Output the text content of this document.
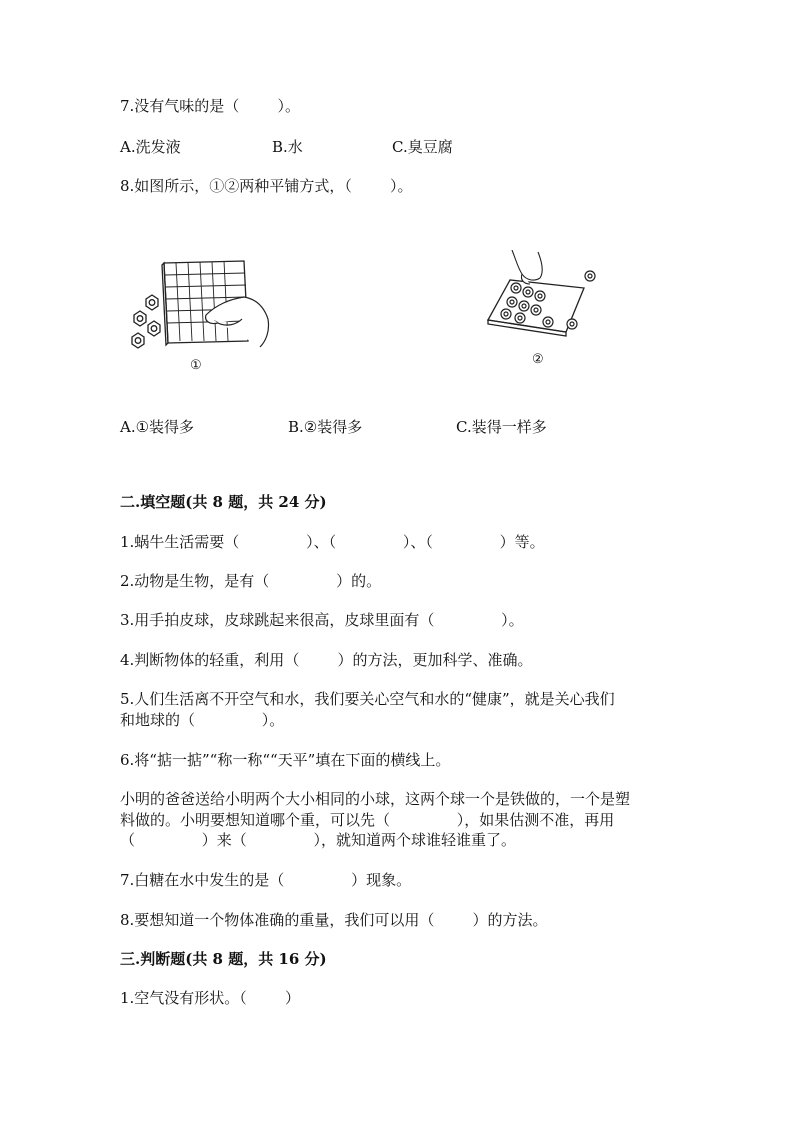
7.没有气味的是（        ）。
A.洗发液	B.水	C.臭豆腐
8.如图所示，①②两种平铺方式，（        ）。
①	②
A.①装得多	B.②装得多	C.装得一样多
二.填空题(共 8 题，共 24 分)
1.蜗牛生活需要（              ）、（              ）、（              ）等。
2.动物是生物，是有（              ）的。
3.用手拍皮球，皮球跳起来很高，皮球里面有（              ）。
4.判断物体的轻重，利用（        ）的方法，更加科学、准确。
5.人们生活离不开空气和水，我们要关心空气和水的“健康”，就是关心我们
和地球的（              ）。
6.将“掂一掂”“称一称““天平”填在下面的横线上。
小明的爸爸送给小明两个大小相同的小球，这两个球一个是铁做的，一个是塑
料做的。小明要想知道哪个重，可以先（              ），如果估测不准，再用
（              ）来（              ），就知道两个球谁轻谁重了。
7.白糖在水中发生的是（              ）现象。
8.要想知道一个物体准确的重量，我们可以用（        ）的方法。
三.判断题(共 8 题，共 16 分)
1.空气没有形状。（        ）
